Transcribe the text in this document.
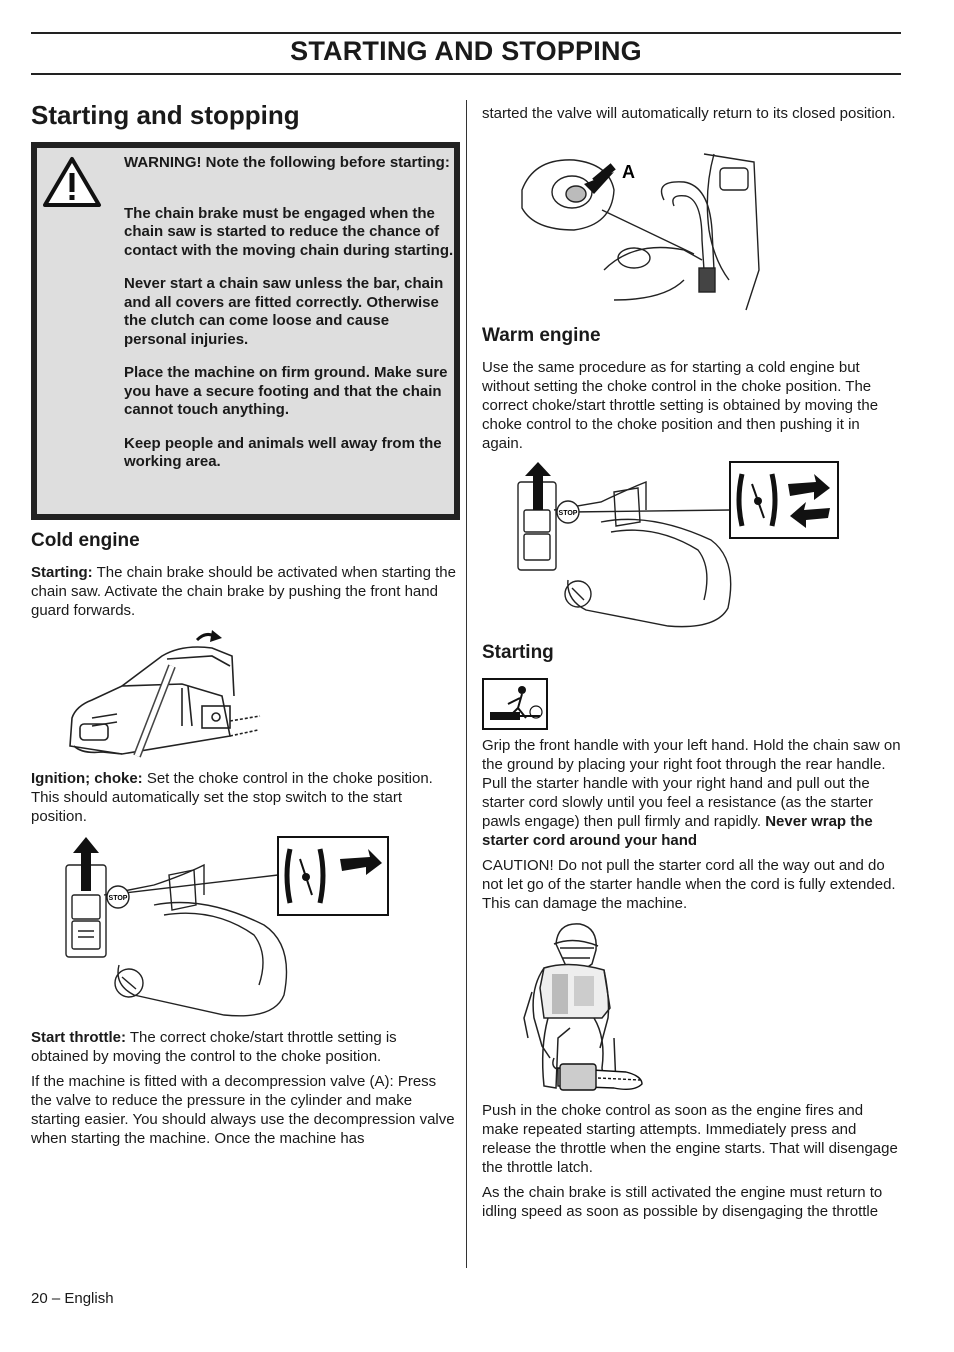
STARTING AND STOPPING
Starting and stopping

WARNING! Note the following before starting:

The chain brake must be engaged when the chain saw is started to reduce the chance of contact with the moving chain during starting.

Never start a chain saw unless the bar, chain and all covers are fitted correctly. Otherwise the clutch can come loose and cause personal injuries.

Place the machine on firm ground. Make sure you have a secure footing and that the chain cannot touch anything.

Keep people and animals well away from the working area.

Cold engine
Starting: The chain brake should be activated when starting the chain saw. Activate the chain brake by pushing the front hand guard forwards.
Ignition; choke: Set the choke control in the choke position. This should automatically set the stop switch to the start position.
STOP
Start throttle: The correct choke/start throttle setting is obtained by moving the control to the choke position.
If the machine is fitted with a decompression valve (A): Press the valve to reduce the pressure in the cylinder and make starting easier. You should always use the decompression valve when starting the machine. Once the machine has
started the valve will automatically return to its closed position.
A
Warm engine
Use the same procedure as for starting a cold engine but without setting the choke control in the choke position. The correct choke/start throttle setting is obtained by moving the choke control to the choke position and then pushing it in again.
STOP
Starting
Grip the front handle with your left hand. Hold the chain saw on the ground by placing your right foot through the rear handle. Pull the starter handle with your right hand and pull out the starter cord slowly until you feel a resistance (as the starter pawls engage) then pull firmly and rapidly. Never wrap the starter cord around your hand
CAUTION! Do not pull the starter cord all the way out and do not let go of the starter handle when the cord is fully extended. This can damage the machine.
Push in the choke control as soon as the engine fires and make repeated starting attempts. Immediately press and release the throttle when the engine starts. That will disengage the throttle latch.
As the chain brake is still activated the engine must return to idling speed as soon as possible by disengaging the throttle
20 – English
